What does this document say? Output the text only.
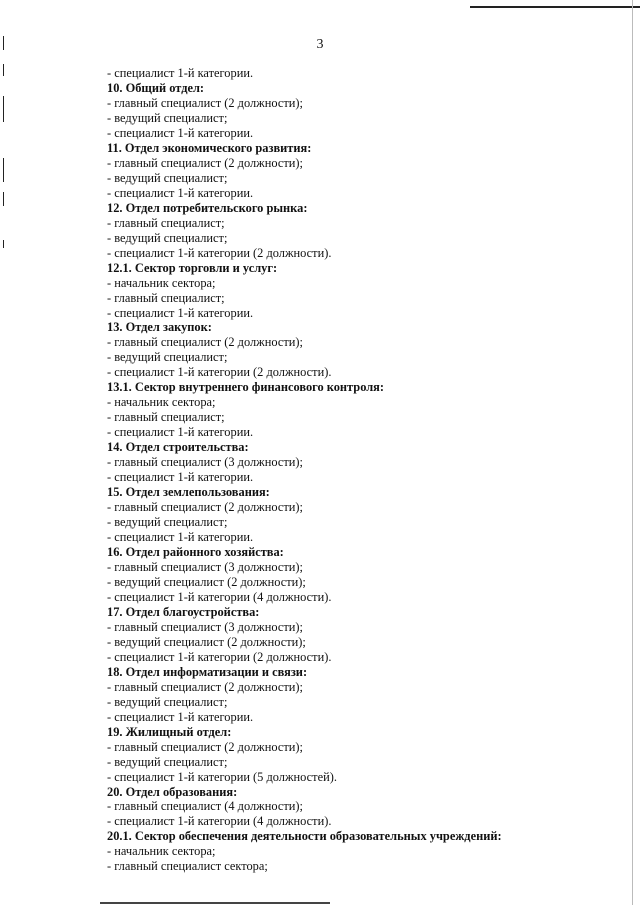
3
- специалист 1-й категории.
10. Общий отдел:
- главный специалист (2 должности);
- ведущий специалист;
- специалист 1-й категории.
11. Отдел экономического развития:
- главный специалист (2 должности);
- ведущий специалист;
- специалист 1-й категории.
12. Отдел потребительского рынка:
- главный специалист;
- ведущий специалист;
- специалист 1-й категории (2 должности).
12.1. Сектор торговли и услуг:
- начальник сектора;
- главный специалист;
- специалист 1-й категории.
13. Отдел закупок:
- главный специалист (2 должности);
- ведущий специалист;
- специалист 1-й категории (2 должности).
13.1. Сектор внутреннего финансового контроля:
- начальник сектора;
- главный специалист;
- специалист 1-й категории.
14. Отдел строительства:
- главный специалист (3 должности);
- специалист 1-й категории.
15. Отдел землепользования:
- главный специалист (2 должности);
- ведущий специалист;
- специалист 1-й категории.
16. Отдел районного хозяйства:
- главный специалист (3 должности);
- ведущий специалист (2 должности);
- специалист 1-й категории (4 должности).
17. Отдел благоустройства:
- главный специалист (3 должности);
- ведущий специалист (2 должности);
- специалист 1-й категории (2 должности).
18. Отдел информатизации и связи:
- главный специалист (2 должности);
- ведущий специалист;
- специалист 1-й категории.
19. Жилищный отдел:
- главный специалист (2 должности);
- ведущий специалист;
- специалист 1-й категории (5 должностей).
20. Отдел образования:
- главный специалист (4 должности);
- специалист 1-й категории (4 должности).
20.1. Сектор обеспечения деятельности образовательных учреждений:
- начальник сектора;
- главный специалист сектора;
